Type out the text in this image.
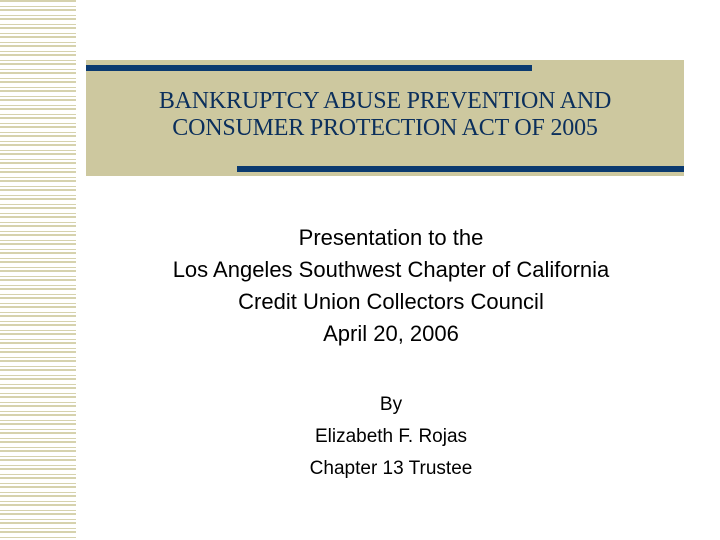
BANKRUPTCY ABUSE PREVENTION AND
CONSUMER PROTECTION ACT OF 2005
Presentation to the
Los Angeles Southwest Chapter of California
Credit Union Collectors Council
April 20, 2006
By
Elizabeth F. Rojas
Chapter 13 Trustee
